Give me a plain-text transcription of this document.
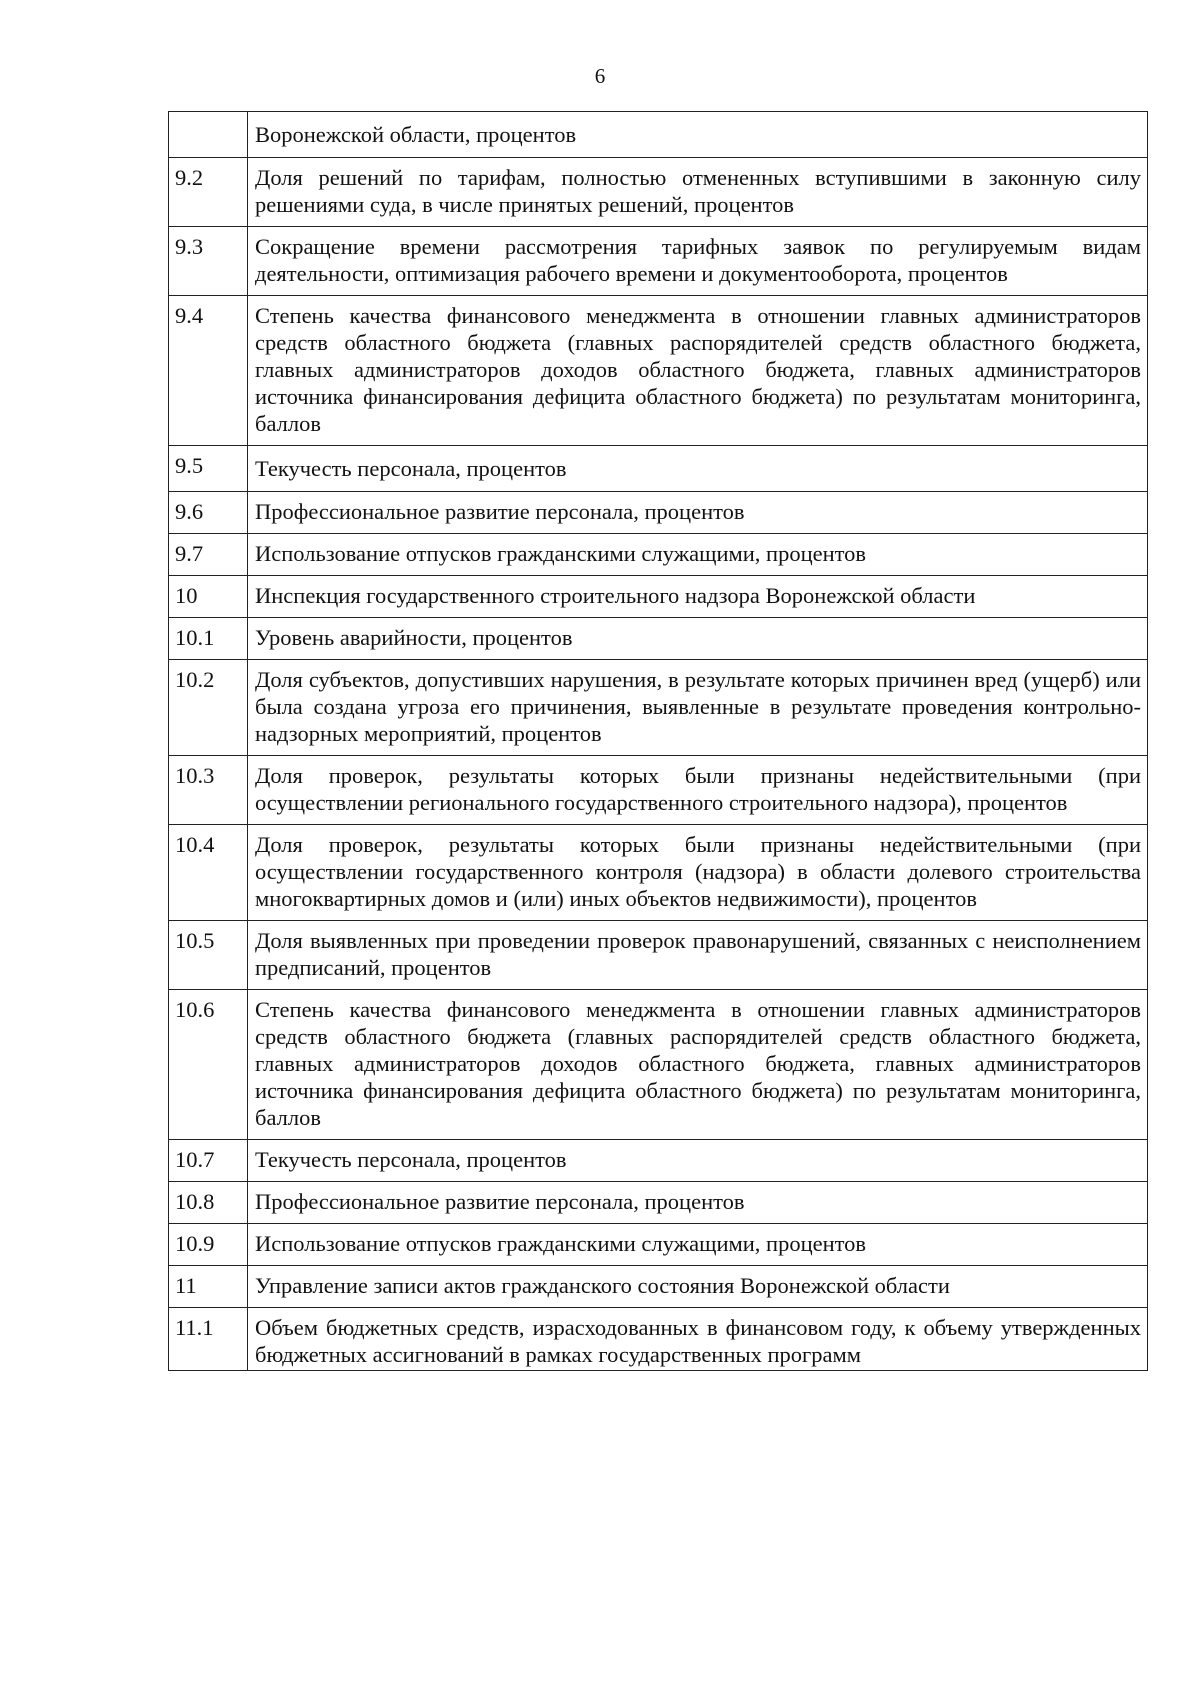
6
	Воронежской области, процентов
9.2	Доля решений по тарифам, полностью отмененных вступившими в законную силу решениями суда, в числе принятых решений, процентов
9.3	Сокращение времени рассмотрения тарифных заявок по регулируемым видам деятельности, оптимизация рабочего времени и документооборота, процентов
9.4	Степень качества финансового менеджмента в отношении главных администраторов средств областного бюджета (главных распорядителей средств областного бюджета, главных администраторов доходов областного бюджета, главных администраторов источника финансирования дефицита областного бюджета) по результатам мониторинга, баллов
9.5	Текучесть персонала, процентов
9.6	Профессиональное развитие персонала, процентов
9.7	Использование отпусков гражданскими служащими, процентов
10	Инспекция государственного строительного надзора Воронежской области
10.1	Уровень аварийности, процентов
10.2	Доля субъектов, допустивших нарушения, в результате которых причинен вред (ущерб) или была создана угроза его причинения, выявленные в результате проведения контрольно-надзорных мероприятий, процентов
10.3	Доля проверок, результаты которых были признаны недействительными (при осуществлении регионального государственного строительного надзора), процентов
10.4	Доля проверок, результаты которых были признаны недействительными (при осуществлении государственного контроля (надзора) в области долевого строительства многоквартирных домов и (или) иных объектов недвижимости), процентов
10.5	Доля выявленных при проведении проверок правонарушений, связанных с неисполнением предписаний, процентов
10.6	Степень качества финансового менеджмента в отношении главных администраторов средств областного бюджета (главных распорядителей средств областного бюджета, главных администраторов доходов областного бюджета, главных администраторов источника финансирования дефицита областного бюджета) по результатам мониторинга, баллов
10.7	Текучесть персонала, процентов
10.8	Профессиональное развитие персонала, процентов
10.9	Использование отпусков гражданскими служащими, процентов
11	Управление записи актов гражданского состояния Воронежской области
11.1	Объем бюджетных средств, израсходованных в финансовом году, к объему утвержденных бюджетных ассигнований в рамках государственных программ
